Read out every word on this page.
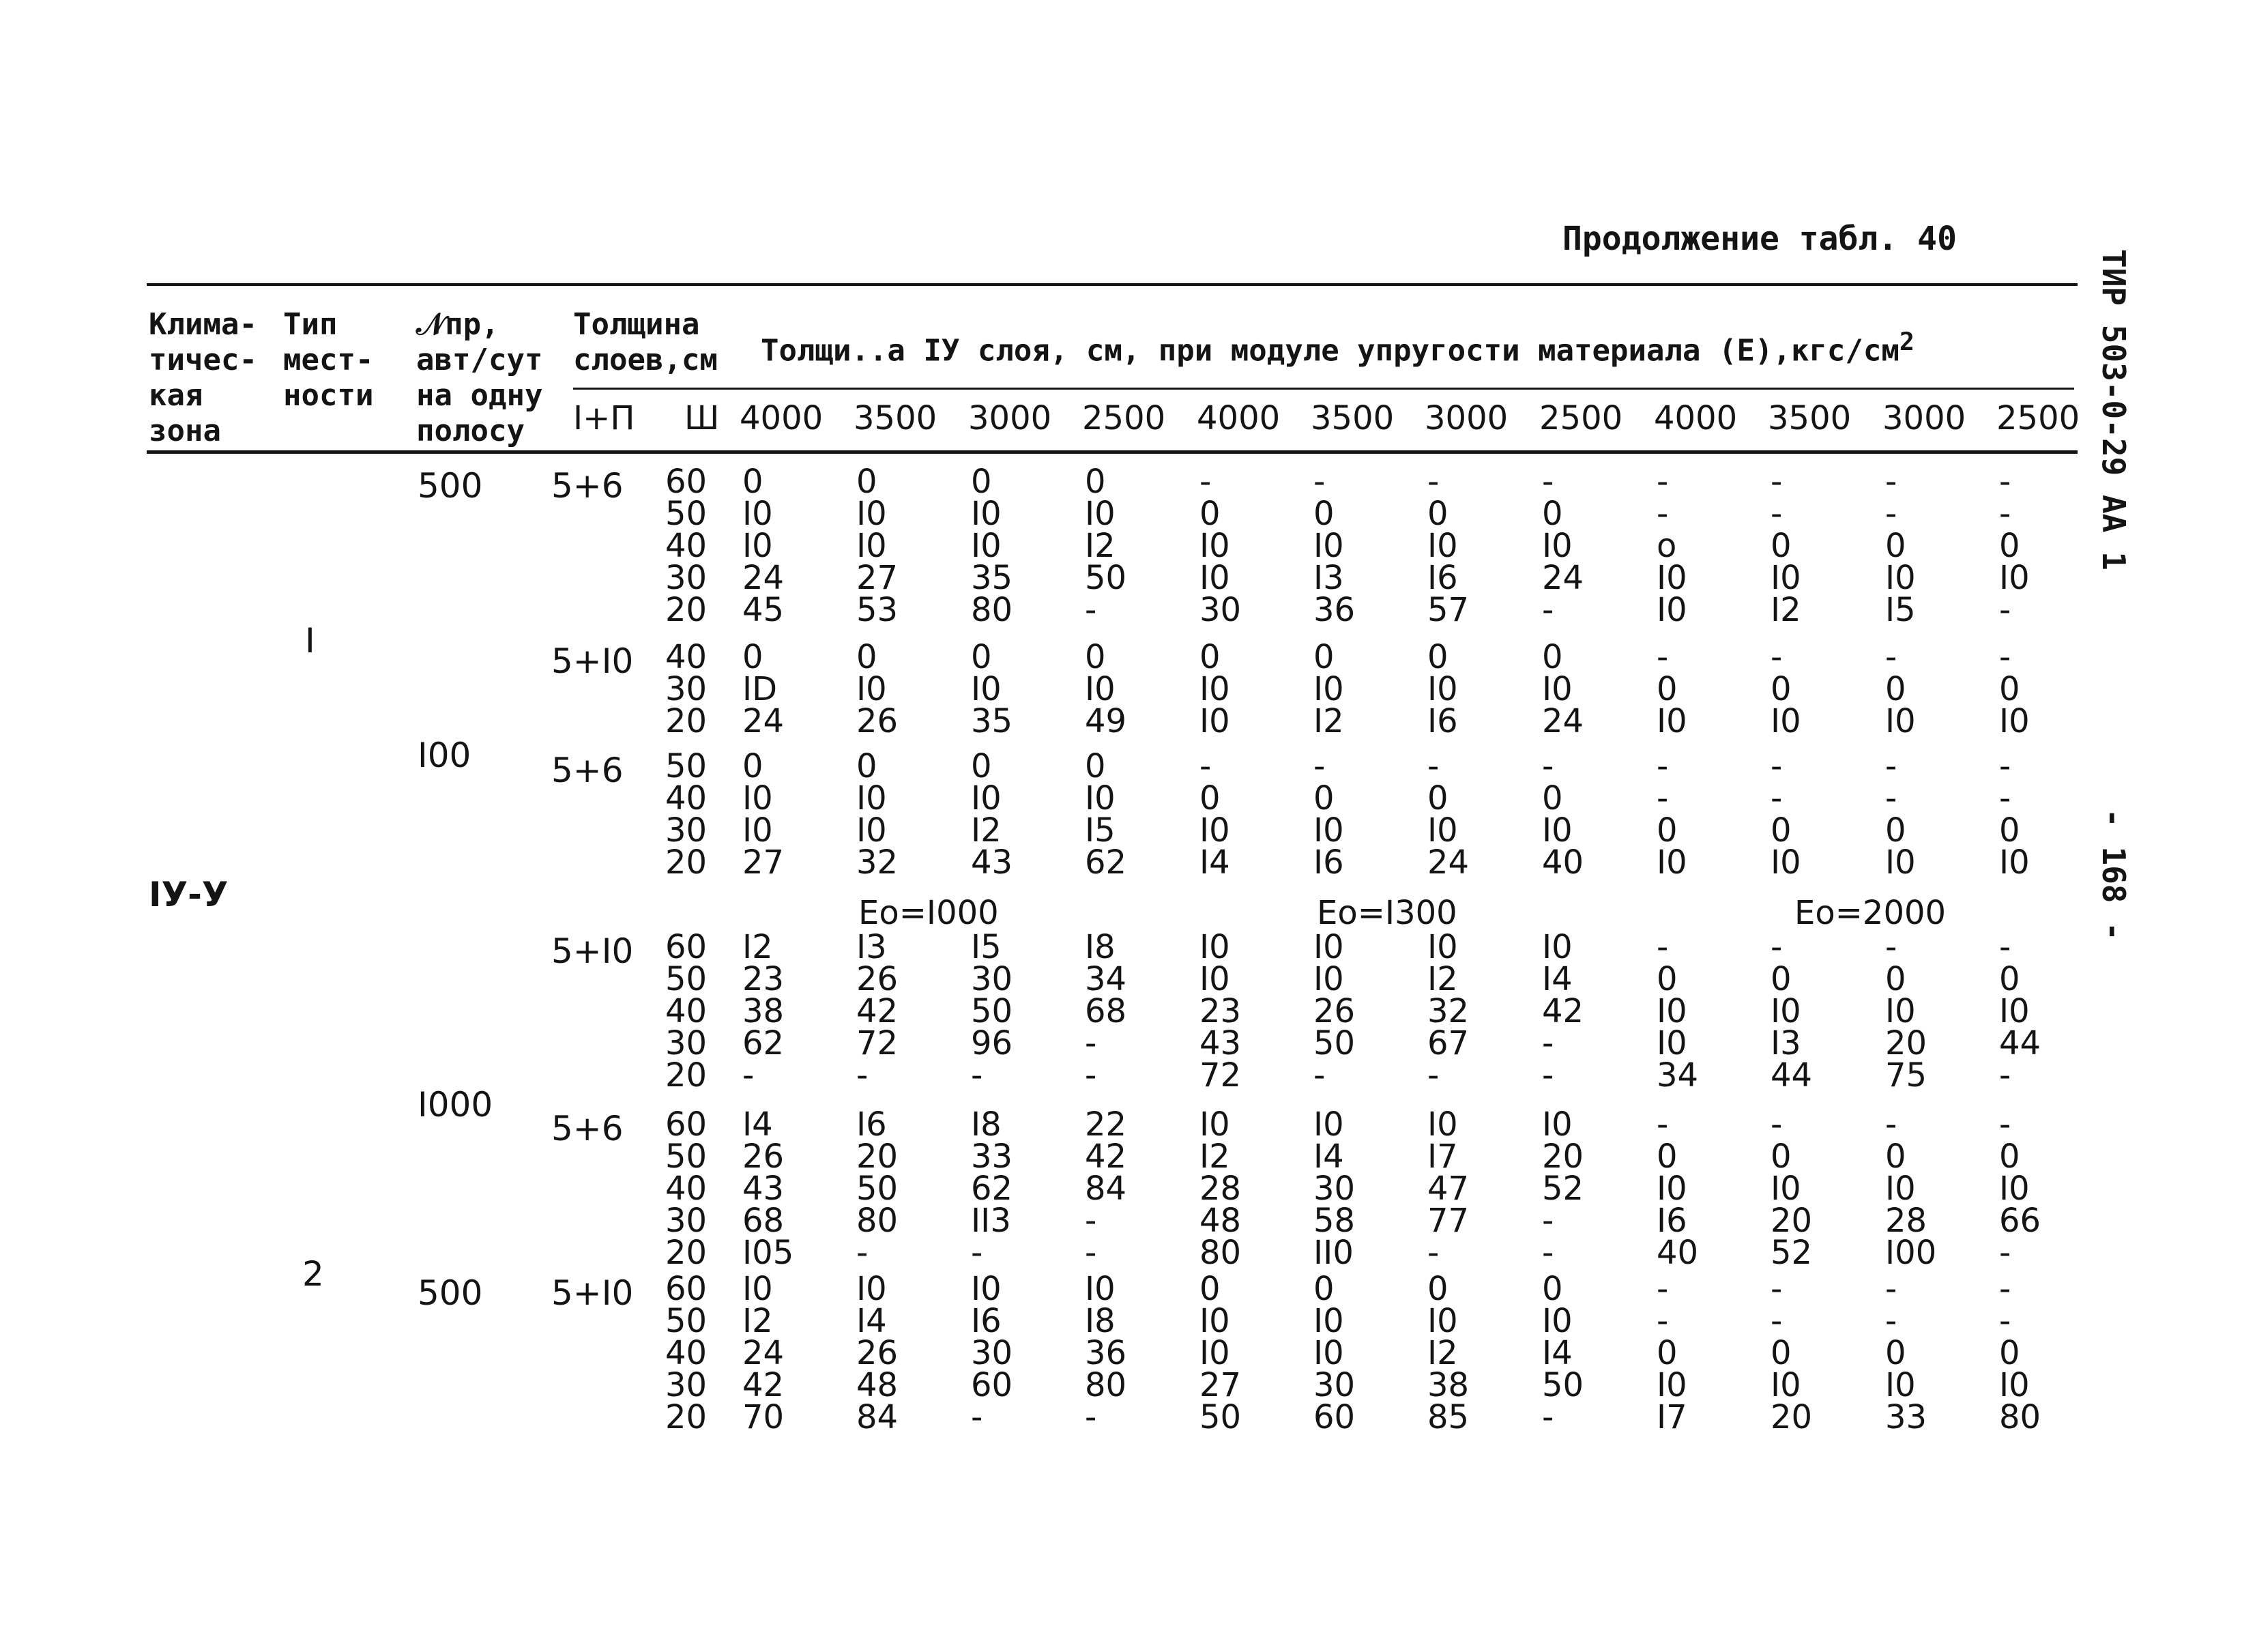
Продолжение табл. 40
Клима-
тичес-
кая
зона
Тип
мест-
ности
𝒩пр,
авт/сут
на одну
полосу
Толщина
слоев,см Толщи..а IУ слоя, см, при модуле упругости материала $(Е),кгс/см^2$
I+П Ш 4000 3500 3000 2500 4000 3500 3000 2500 4000 3500 3000 2500
IУ-У
I
2
500
I00
I000
500
Eo=I000	Eo=I300	Eo=2000
5+6 60
50
40
30
20
0
I0
I0
24
45
0
I0
I0
27
53
0
I0
I0
35
80
0
I0
I2
50
-
-
0
I0
I0
30
-
0
I0
I3
36
-
0
I0
I6
57
-
0
I0
24
-
-
-
o
I0
I0
-
-
0
I0
I2
-
-
0
I0
I5
-
-
0
I0
-
5+I0 40
30
20
0
ID
24
0
I0
26
0
I0
35
0
I0
49
0
I0
I0
0
I0
I2
0
I0
I6
0
I0
24
-
0
I0
-
0
I0
-
0
I0
-
0
I0
5+6 50
40
30
20
0
I0
I0
27
0
I0
I0
32
0
I0
I2
43
0
I0
I5
62
-
0
I0
I4
-
0
I0
I6
-
0
I0
24
-
0
I0
40
-
-
0
I0
-
-
0
I0
-
-
0
I0
-
-
0
I0
5+I0 60
50
40
30
20
I2
23
38
62
-
I3
26
42
72
-
I5
30
50
96
-
I8
34
68
-
-
I0
I0
23
43
72
I0
I0
26
50
-
I0
I2
32
67
-
I0
I4
42
-
-
-
0
I0
I0
34
-
0
I0
I3
44
-
0
I0
20
75
-
0
I0
44
-
5+6 60
50
40
30
20
I4
26
43
68
I05
I6
20
50
80
-
I8
33
62
II3
-
22
42
84
-
-
I0
I2
28
48
80
I0
I4
30
58
II0
I0
I7
47
77
-
I0
20
52
-
-
-
0
I0
I6
40
-
0
I0
20
52
-
0
I0
28
I00
-
0
I0
66
-
5+I0 60
50
40
30
20
I0
I2
24
42
70
I0
I4
26
48
84
I0
I6
30
60
-
I0
I8
36
80
-
0
I0
I0
27
50
0
I0
I0
30
60
0
I0
I2
38
85
0
I0
I4
50
-
-
-
0
I0
I7
-
-
0
I0
20
-
-
0
I0
33
-
-
0
I0
80
ТИР 503-0-29 АА 1
- 168 -
